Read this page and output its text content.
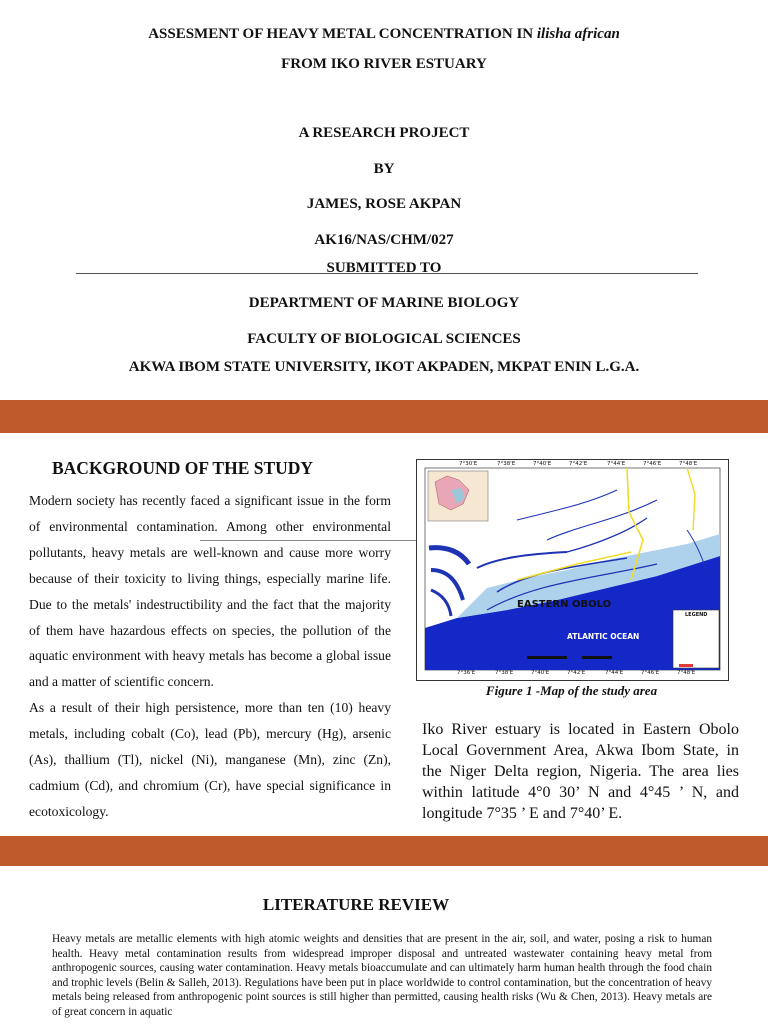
ASSESMENT OF HEAVY METAL CONCENTRATION IN ilisha african
FROM IKO RIVER ESTUARY
A RESEARCH PROJECT
BY
JAMES, ROSE AKPAN
AK16/NAS/CHM/027
SUBMITTED TO
DEPARTMENT OF MARINE BIOLOGY
FACULTY OF BIOLOGICAL SCIENCES
AKWA IBOM STATE UNIVERSITY, IKOT AKPADEN, MKPAT ENIN L.G.A.
BACKGROUND OF THE STUDY

Modern society has recently faced a significant issue in the form of environmental contamination. Among other environmental pollutants, heavy metals are well-known and cause more worry because of their toxicity to living things, especially marine life. Due to the metals' indestructibility and the fact that the majority of them have hazardous effects on species, the pollution of the aquatic environment with heavy metals has become a global issue and a matter of scientific concern.

As a result of their high persistence, more than ten (10) heavy metals, including cobalt (Co), lead (Pb), mercury (Hg), arsenic (As), thallium (Tl), nickel (Ni), manganese (Mn), zinc (Zn), cadmium (Cd), and chromium (Cr), have special significance in ecotoxicology.

7°30'E	7°38'E	7°40'E	7°42'E	7°44'E	7°46'E	7°48'E
7°36'E	7°38'E	7°40'E	7°42'E	7°44'E	7°46'E	7°48'E
EASTERN OBOLO
ATLANTIC OCEAN
LEGEND
Figure 1 -Map of the study area
Iko River estuary is located in Eastern Obolo Local Government Area, Akwa Ibom State, in the Niger Delta region, Nigeria. The area lies within latitude 4°0 30’ N and 4°45 ’ N, and longitude 7°35 ’ E and 7°40’ E.
LITERATURE REVIEW
Heavy metals are metallic elements with high atomic weights and densities that are present in the air, soil, and water, posing a risk to human health. Heavy metal contamination results from widespread improper disposal and untreated wastewater containing heavy metal from anthropogenic sources, causing water contamination. Heavy metals bioaccumulate and can ultimately harm human health through the food chain and trophic levels (Belin & Salleh, 2013). Regulations have been put in place worldwide to control contamination, but the concentration of heavy metals being released from anthropogenic point sources is still higher than permitted, causing health risks (Wu & Chen, 2013). Heavy metals are of great concern in aquatic
